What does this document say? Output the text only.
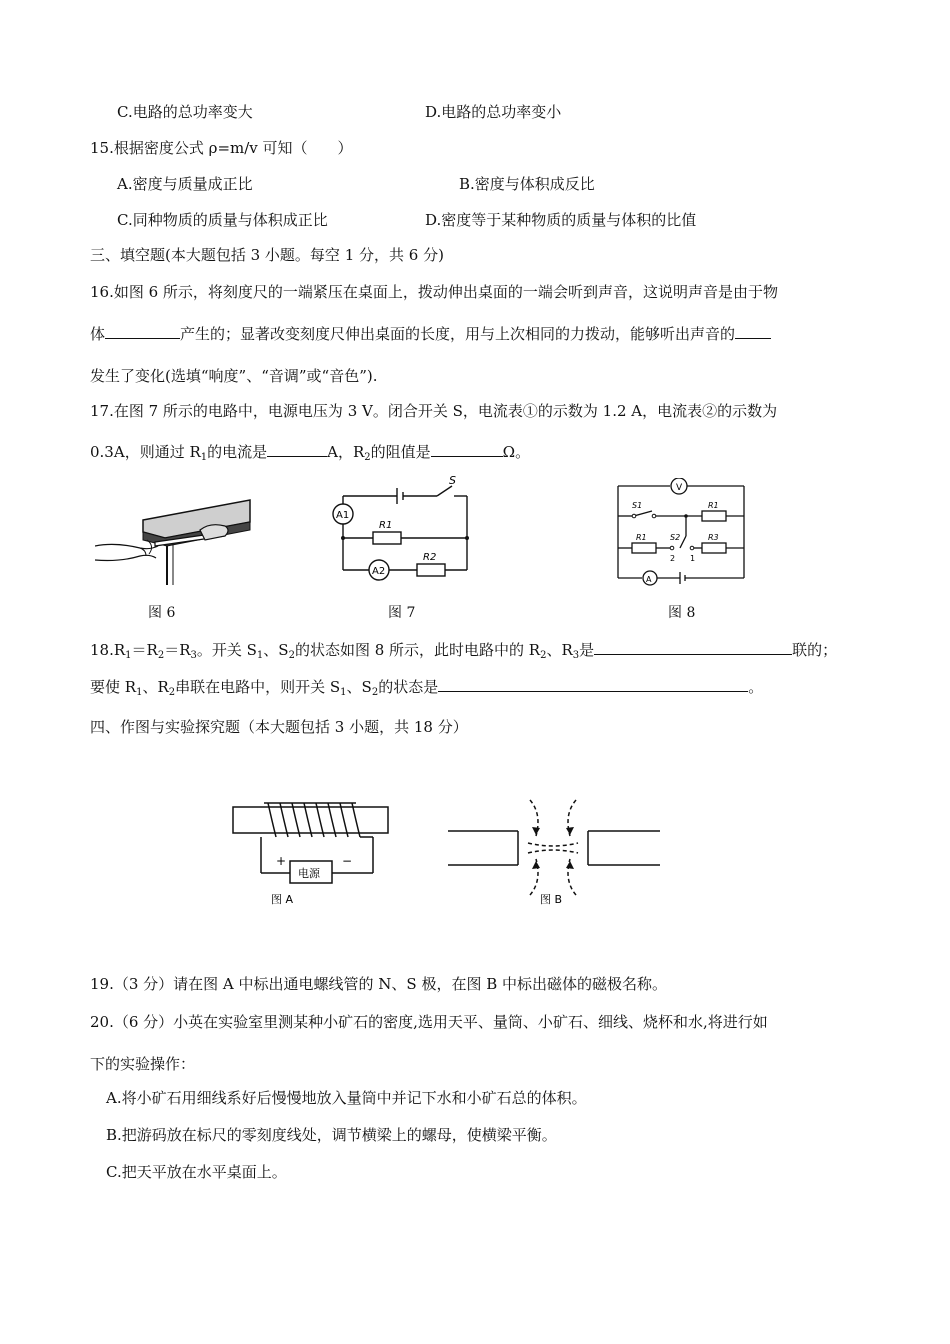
C.电路的总功率变大	D.电路的总功率变小
15.根据密度公式 ρ=m/v 可知（　　）
A.密度与质量成正比	B.密度与体积成反比
C.同种物质的质量与体积成正比	D.密度等于某种物质的质量与体积的比值
三、填空题(本大题包括 3 小题。每空 1 分，共 6 分)
16.如图 6 所示，将刻度尺的一端紧压在桌面上，拨动伸出桌面的一端会听到声音，这说明声音是由于物
体	产生的；显著改变刻度尺伸出桌面的长度，用与上次相同的力拨动，能够听出声音的
发生了变化(选填“响度”、“音调”或“音色”).
17.在图 7 所示的电路中，电源电压为 3 V。闭合开关 S，电流表①的示数为 1.2 A，电流表②的示数为
0.3A，则通过 $R_1$的电流是	A，$R_2$的阻值是	Ω。
图 6
S
A1
A2
R1
R2
图 7
V
A
S1
S2
R1
R1	R3
2 1
图 8
$18.R_1=R_2=R_3$。开关 $S_1$、$S_2$的状态如图 8 所示，此时电路中的 $R_2$、$R_3$是	联的；
要使 $R_1$、$R_2$串联在电路中，则开关 $S_1$、$S_2$的状态是	。
四、作图与实验探究题（本大题包括 3 小题，共 18 分）
+	−
电源
图 A	图 B
19.（3 分）请在图 A 中标出通电螺线管的 N、S 极，在图 B 中标出磁体的磁极名称。
20.（6 分）小英在实验室里测某种小矿石的密度,选用天平、量筒、小矿石、细线、烧杯和水,将进行如
下的实验操作：
A.将小矿石用细线系好后慢慢地放入量筒中并记下水和小矿石总的体积。
B.把游码放在标尺的零刻度线处，调节横梁上的螺母，使横梁平衡。
C.把天平放在水平桌面上。
